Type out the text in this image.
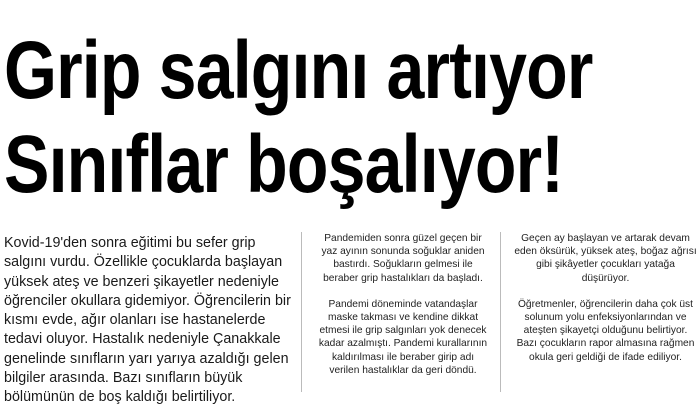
Grip salgını artıyor
Sınıflar boşalıyor!

Kovid-19'den sonra eğitimi bu sefer grip salgını vurdu. Özellikle çocuklarda başlayan yüksek ateş ve benzeri şikayetler nedeniyle öğrenciler okullara gidemiyor. Öğrencilerin bir kısmı evde, ağır olanları ise hastanelerde tedavi oluyor. Hastalık nedeniyle Çanakkale genelinde sınıfların yarı yarıya azaldığı gelen bilgiler arasında. Bazı sınıfların büyük bölümünün de boş kaldığı belirtiliyor.

Pandemiden sonra güzel geçen bir yaz ayının sonunda soğuklar aniden bastırdı. Soğukların gelmesi ile beraber grip hastalıkları da başladı.

Pandemi döneminde vatandaşlar maske takması ve kendine dikkat etmesi ile grip salgınları yok denecek kadar azalmıştı. Pandemi kurallarının kaldırılması ile beraber girip adı verilen hastalıklar da geri döndü.

Geçen ay başlayan ve artarak devam eden öksürük, yüksek ateş, boğaz ağrısı gibi şikâyetler çocukları yatağa düşürüyor.

Öğretmenler, öğrencilerin daha çok üst solunum yolu enfeksiyonlarından ve ateşten şikayetçi olduğunu belirtiyor. Bazı çocukların rapor almasına rağmen okula geri geldiği de ifade ediliyor.
